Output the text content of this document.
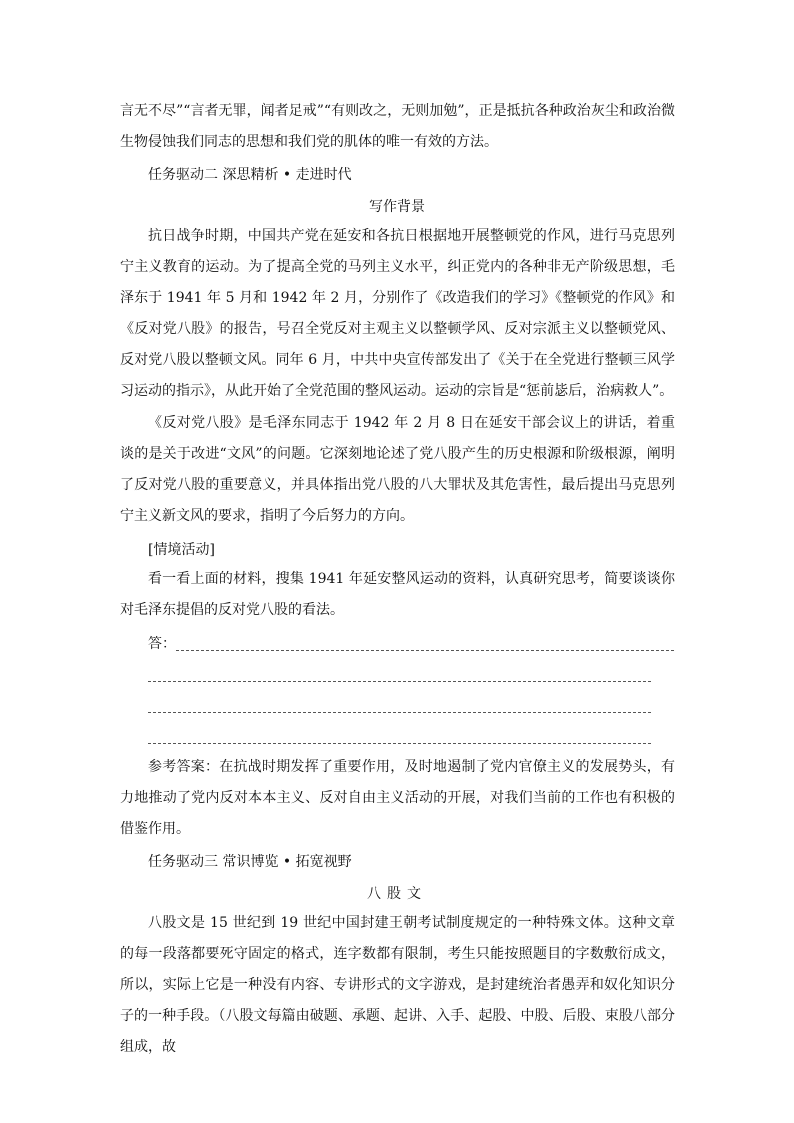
言无不尽”“言者无罪，闻者足戒”“有则改之，无则加勉”，正是抵抗各种政治灰尘和政治微生物侵蚀我们同志的思想和我们党的肌体的唯一有效的方法。

任务驱动二 深思精析 • 走进时代

写作背景

抗日战争时期，中国共产党在延安和各抗日根据地开展整顿党的作风，进行马克思列宁主义教育的运动。为了提高全党的马列主义水平，纠正党内的各种非无产阶级思想，毛泽东于 1941 年 5 月和 1942 年 2 月，分别作了《改造我们的学习》《整顿党的作风》和《反对党八股》的报告，号召全党反对主观主义以整顿学风、反对宗派主义以整顿党风、反对党八股以整顿文风。同年 6 月，中共中央宣传部发出了《关于在全党进行整顿三风学习运动的指示》，从此开始了全党范围的整风运动。运动的宗旨是“惩前毖后，治病救人”。

《反对党八股》是毛泽东同志于 1942 年 2 月 8 日在延安干部会议上的讲话，着重谈的是关于改进“文风”的问题。它深刻地论述了党八股产生的历史根源和阶级根源，阐明了反对党八股的重要意义，并具体指出党八股的八大罪状及其危害性，最后提出马克思列宁主义新文风的要求，指明了今后努力的方向。

[情境活动]

看一看上面的材料，搜集 1941 年延安整风运动的资料，认真研究思考，简要谈谈你对毛泽东提倡的反对党八股的看法。

答：

参考答案：在抗战时期发挥了重要作用，及时地遏制了党内官僚主义的发展势头，有力地推动了党内反对本本主义、反对自由主义活动的开展，对我们当前的工作也有积极的借鉴作用。

任务驱动三 常识博览 • 拓宽视野

八股文

八股文是 15 世纪到 19 世纪中国封建王朝考试制度规定的一种特殊文体。这种文章的每一段落都要死守固定的格式，连字数都有限制，考生只能按照题目的字数敷衍成文，所以，实际上它是一种没有内容、专讲形式的文字游戏，是封建统治者愚弄和奴化知识分子的一种手段。（八股文每篇由破题、承题、起讲、入手、起股、中股、后股、束股八部分组成，故
